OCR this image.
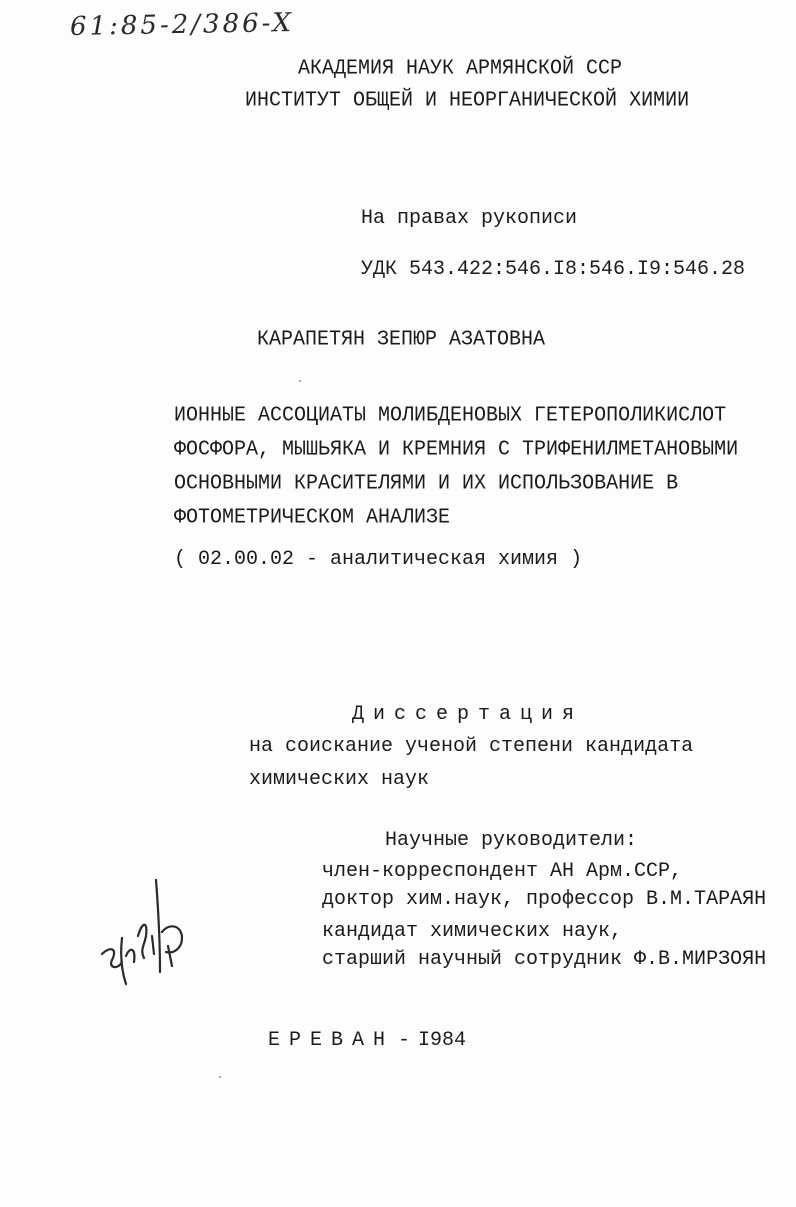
61:85-2/386-X
АКАДЕМИЯ НАУК АРМЯНСКОЙ ССР
ИНСТИТУТ ОБЩЕЙ И НЕОРГАНИЧЕСКОЙ ХИМИИ
На правах рукописи
УДК 543.422:546.I8:546.I9:546.28
КАРАПЕТЯН ЗЕПЮР АЗАТОВНА
ИОННЫЕ АССОЦИАТЫ МОЛИБДЕНОВЫХ ГЕТЕРОПОЛИКИСЛОТ
ФОСФОРА, МЫШЬЯКА И КРЕМНИЯ С ТРИФЕНИЛМЕТАНОВЫМИ
ОСНОВНЫМИ КРАСИТЕЛЯМИ И ИХ ИСПОЛЬЗОВАНИЕ В
ФОТОМЕТРИЧЕСКОМ АНАЛИЗЕ
( 02.00.02 - аналитическая химия )
Диссертация
на соискание ученой степени кандидата
химических наук
Научные руководители:
член-корреспондент АН Арм.ССР,
доктор хим.наук, профессор В.М.ТАРАЯН
кандидат химических наук,
старший научный сотрудник Ф.В.МИРЗОЯН
ЕРЕВАН - I984
